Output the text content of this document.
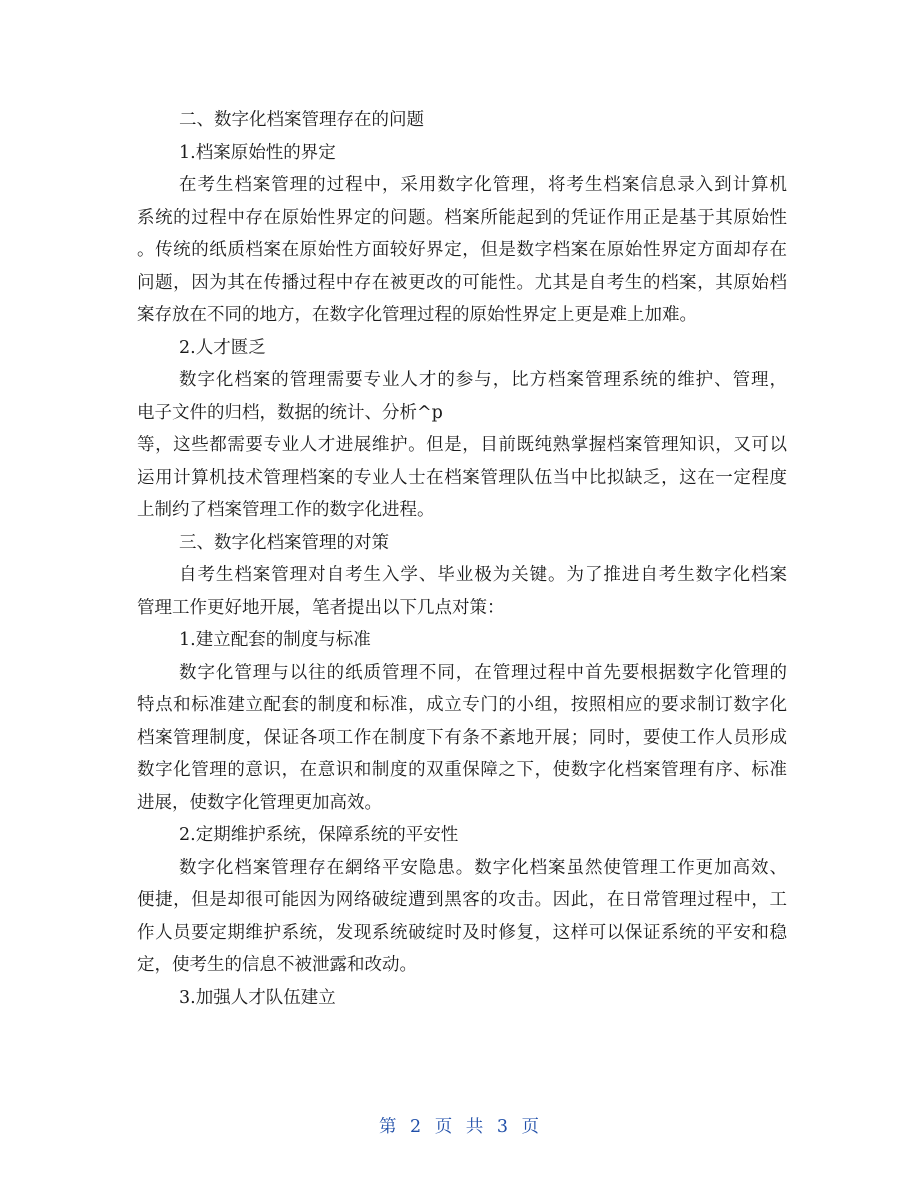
二、数字化档案管理存在的问题
1.档案原始性的界定
在考生档案管理的过程中，采用数字化管理，将考生档案信息录入到计算机
系统的过程中存在原始性界定的问题。档案所能起到的凭证作用正是基于其原始性
。传统的纸质档案在原始性方面较好界定，但是数字档案在原始性界定方面却存在
问题，因为其在传播过程中存在被更改的可能性。尤其是自考生的档案，其原始档
案存放在不同的地方，在数字化管理过程的原始性界定上更是难上加难。
2.人才匮乏
数字化档案的管理需要专业人才的参与，比方档案管理系统的维护、管理，
电子文件的归档，数据的统计、分析^p
等，这些都需要专业人才进展维护。但是，目前既纯熟掌握档案管理知识，又可以
运用计算机技术管理档案的专业人士在档案管理队伍当中比拟缺乏，这在一定程度
上制约了档案管理工作的数字化进程。
三、数字化档案管理的对策
自考生档案管理对自考生入学、毕业极为关键。为了推进自考生数字化档案
管理工作更好地开展，笔者提出以下几点对策：
1.建立配套的制度与标准
数字化管理与以往的纸质管理不同，在管理过程中首先要根据数字化管理的
特点和标准建立配套的制度和标准，成立专门的小组，按照相应的要求制订数字化
档案管理制度，保证各项工作在制度下有条不紊地开展；同时，要使工作人员形成
数字化管理的意识，在意识和制度的双重保障之下，使数字化档案管理有序、标准
进展，使数字化管理更加高效。
2.定期维护系统，保障系统的平安性
数字化档案管理存在網络平安隐患。数字化档案虽然使管理工作更加高效、
便捷，但是却很可能因为网络破绽遭到黑客的攻击。因此，在日常管理过程中，工
作人员要定期维护系统，发现系统破绽时及时修复，这样可以保证系统的平安和稳
定，使考生的信息不被泄露和改动。
3.加强人才队伍建立
第 2 页 共 3 页
